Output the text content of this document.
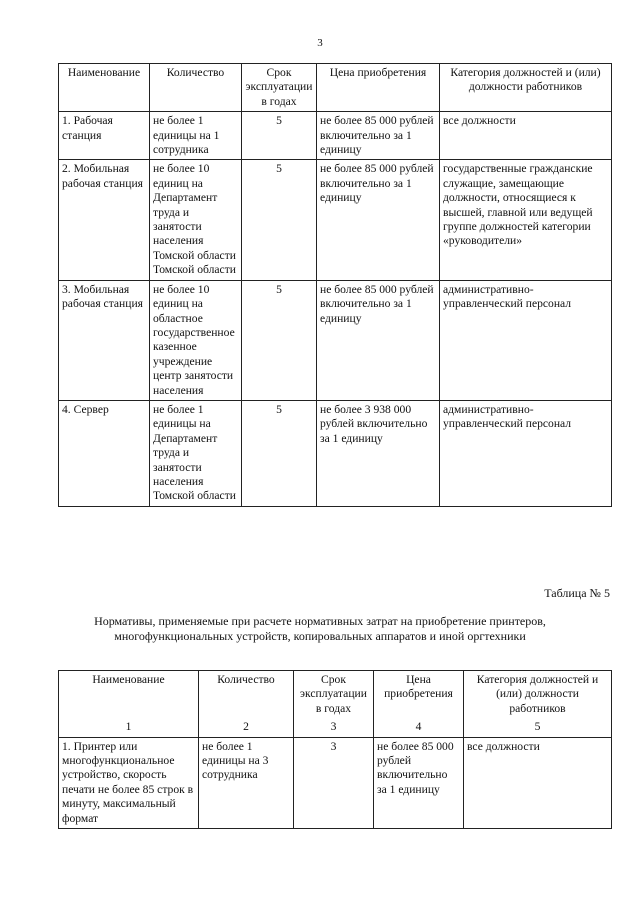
3
Наименование	Количество	Срок эксплуатации в годах	Цена приобретения	Категория должностей и (или) должности работников
1. Рабочая станция	не более 1 единицы на 1 сотрудника	5	не более 85 000 рублей включительно за 1 единицу	все должности
2. Мобильная рабочая станция	не более 10 единиц на Департамент труда и занятости населения Томской области Томской области	5	не более 85 000 рублей включительно за 1 единицу	государственные гражданские служащие, замещающие должности, относящиеся к высшей, главной или ведущей группе должностей категории «руководители»
3. Мобильная рабочая станция	не более 10 единиц на областное государственное казенное учреждение центр занятости населения	5	не более 85 000 рублей включительно за 1 единицу	административно-управленческий персонал
4. Сервер	не более 1 единицы на Департамент труда и занятости населения Томской области	5	не более 3 938 000 рублей включительно за 1 единицу	административно-управленческий персонал
Таблица № 5
Нормативы, применяемые при расчете нормативных затрат на приобретение принтеров, многофункциональных устройств, копировальных аппаратов и иной оргтехники
Наименование	Количество	Срок эксплуатации в годах	Цена приобретения	Категория должностей и (или) должности работников
1	2	3	4	5
1. Принтер или многофункциональное устройство, скорость печати не более 85 строк в минуту, максимальный формат	не более 1 единицы на 3 сотрудника	3	не более 85 000 рублей включительно за 1 единицу	все должности
